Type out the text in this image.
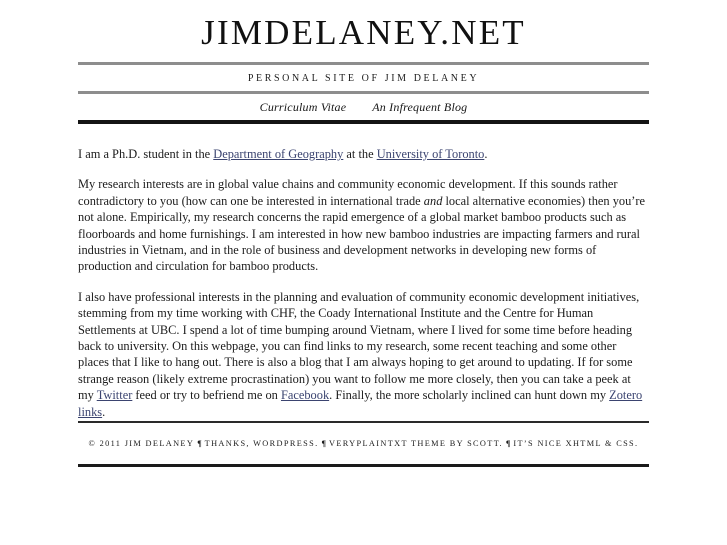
JIMDELANEY.NET
PERSONAL SITE OF JIM DELANEY
Curriculum Vitae An Infrequent Blog

I am a Ph.D. student in the Department of Geography at the University of Toronto.

My research interests are in global value chains and community economic development. If this sounds rather contradictory to you (how can one be interested in international trade and local alternative economies) then you’re not alone. Empirically, my research concerns the rapid emergence of a global market bamboo products such as floorboards and home furnishings. I am interested in how new bamboo industries are impacting farmers and rural industries in Vietnam, and in the role of business and development networks in developing new forms of production and circulation for bamboo products.

I also have professional interests in the planning and evaluation of community economic development initiatives, stemming from my time working with CHF, the Coady International Institute and the Centre for Human Settlements at UBC. I spend a lot of time bumping around Vietnam, where I lived for some time before heading back to university. On this webpage, you can find links to my research, some recent teaching and some other places that I like to hang out. There is also a blog that I am always hoping to get around to updating. If for some strange reason (likely extreme procrastination) you want to follow me more closely, then you can take a peek at my Twitter feed or try to befriend me on Facebook. Finally, the more scholarly inclined can hunt down my Zotero links.

© 2011 JIM DELANEY ¶ THANKS, WORDPRESS. ¶ VERYPLAINTXT THEME BY SCOTT. ¶ IT’S NICE XHTML & CSS.
